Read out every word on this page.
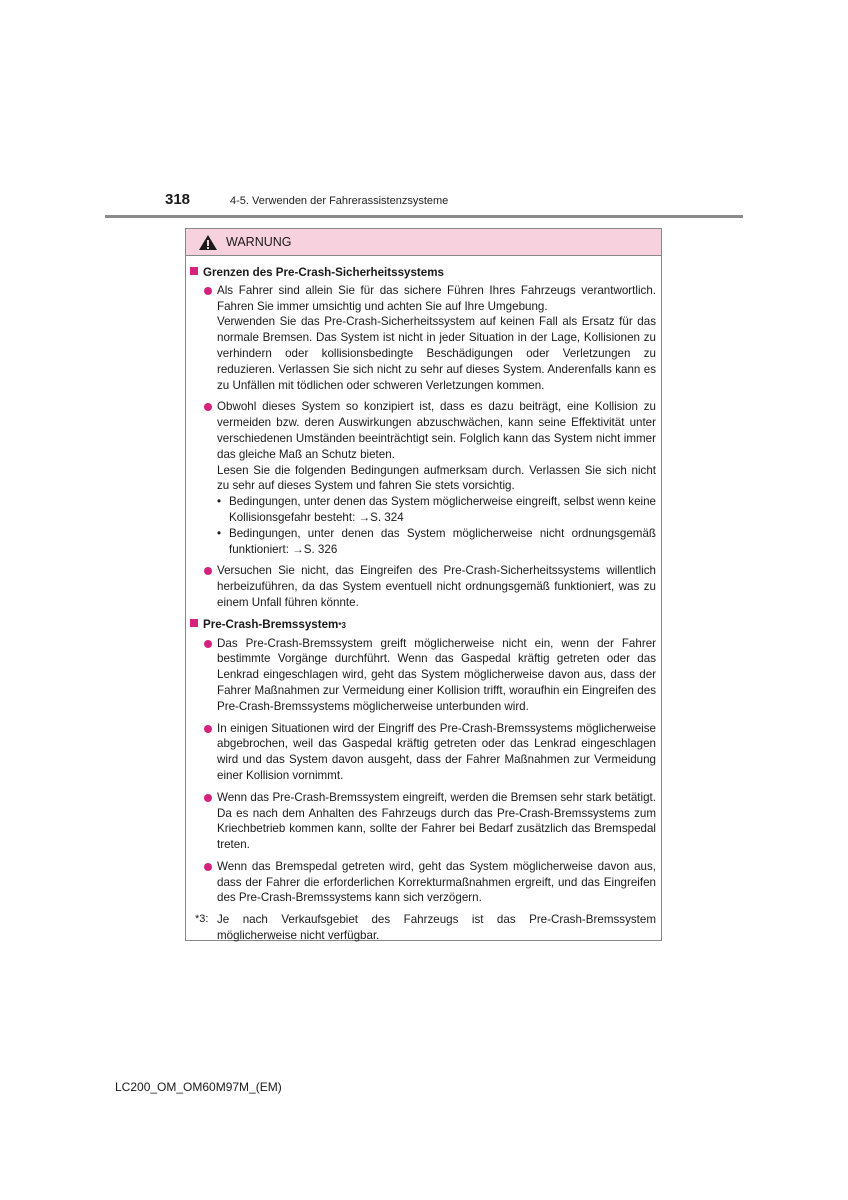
318	4-5. Verwenden der Fahrerassistenzsysteme
WARNUNG
Grenzen des Pre-Crash-Sicherheitssystems
Als Fahrer sind allein Sie für das sichere Führen Ihres Fahrzeugs verantwortlich. Fahren Sie immer umsichtig und achten Sie auf Ihre Umgebung.
Verwenden Sie das Pre-Crash-Sicherheitssystem auf keinen Fall als Ersatz für das normale Bremsen. Das System ist nicht in jeder Situation in der Lage, Kollisionen zu verhindern oder kollisionsbedingte Beschädigungen oder Verletzungen zu reduzieren. Verlassen Sie sich nicht zu sehr auf dieses System. Anderenfalls kann es zu Unfällen mit tödlichen oder schweren Verletzungen kommen.
Obwohl dieses System so konzipiert ist, dass es dazu beiträgt, eine Kollision zu vermeiden bzw. deren Auswirkungen abzuschwächen, kann seine Effektivität unter verschiedenen Umständen beeinträchtigt sein. Folglich kann das System nicht immer das gleiche Maß an Schutz bieten.
Lesen Sie die folgenden Bedingungen aufmerksam durch. Verlassen Sie sich nicht zu sehr auf dieses System und fahren Sie stets vorsichtig.
• Bedingungen, unter denen das System möglicherweise eingreift, selbst wenn keine Kollisionsgefahr besteht: →S. 324
• Bedingungen, unter denen das System möglicherweise nicht ordnungsgemäß funktioniert: →S. 326
Versuchen Sie nicht, das Eingreifen des Pre-Crash-Sicherheitssystems willentlich herbeizuführen, da das System eventuell nicht ordnungsgemäß funktioniert, was zu einem Unfall führen könnte.
Pre-Crash-Bremssystem *3
Das Pre-Crash-Bremssystem greift möglicherweise nicht ein, wenn der Fahrer bestimmte Vorgänge durchführt. Wenn das Gaspedal kräftig getreten oder das Lenkrad eingeschlagen wird, geht das System möglicherweise davon aus, dass der Fahrer Maßnahmen zur Vermeidung einer Kollision trifft, woraufhin ein Eingreifen des Pre-Crash-Bremssystems möglicherweise unterbunden wird.
In einigen Situationen wird der Eingriff des Pre-Crash-Bremssystems möglicherweise abgebrochen, weil das Gaspedal kräftig getreten oder das Lenkrad eingeschlagen wird und das System davon ausgeht, dass der Fahrer Maßnahmen zur Vermeidung einer Kollision vornimmt.
Wenn das Pre-Crash-Bremssystem eingreift, werden die Bremsen sehr stark betätigt. Da es nach dem Anhalten des Fahrzeugs durch das Pre-Crash-Bremssystems zum Kriechbetrieb kommen kann, sollte der Fahrer bei Bedarf zusätzlich das Bremspedal treten.
Wenn das Bremspedal getreten wird, geht das System möglicherweise davon aus, dass der Fahrer die erforderlichen Korrekturmaßnahmen ergreift, und das Eingreifen des Pre-Crash-Bremssystems kann sich verzögern.
*3: Je nach Verkaufsgebiet des Fahrzeugs ist das Pre-Crash-Bremssystem möglicherweise nicht verfügbar.
LC200_OM_OM60M97M_(EM)
